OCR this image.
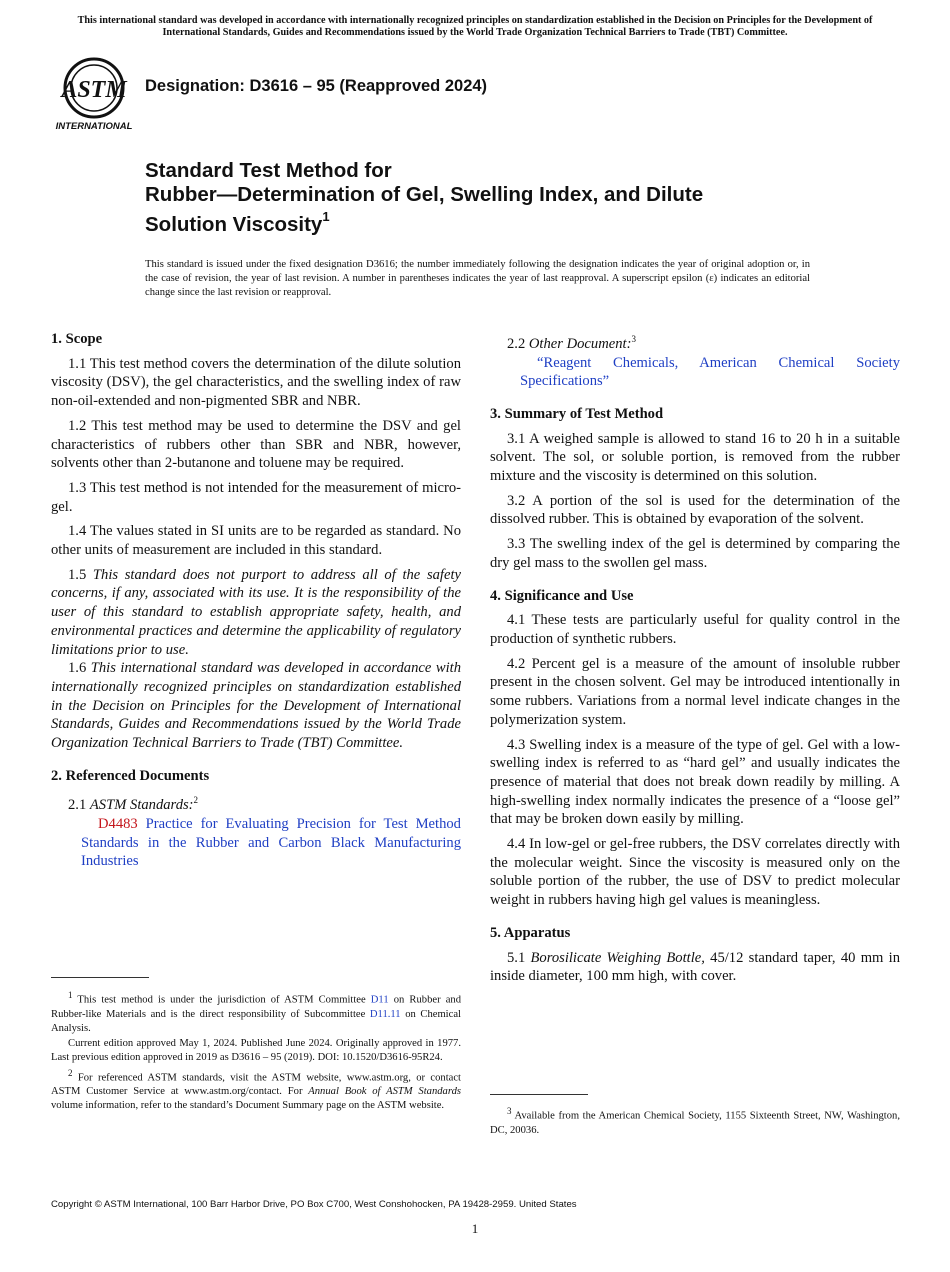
This international standard was developed in accordance with internationally recognized principles on standardization established in the Decision on Principles for the Development of International Standards, Guides and Recommendations issued by the World Trade Organization Technical Barriers to Trade (TBT) Committee.
ASTM
INTERNATIONAL
Designation: D3616 – 95 (Reapproved 2024)
Standard Test Method for
Rubber—Determination of Gel, Swelling Index, and Dilute
Solution Viscosity$^1$
This standard is issued under the fixed designation D3616; the number immediately following the designation indicates the year of original adoption or, in the case of revision, the year of last revision. A number in parentheses indicates the year of last reapproval. A superscript epsilon (ε) indicates an editorial change since the last revision or reapproval.
1. Scope

1.1 This test method covers the determination of the dilute solution viscosity (DSV), the gel characteristics, and the swelling index of raw non-oil-extended and non-pigmented SBR and NBR.

1.2 This test method may be used to determine the DSV and gel characteristics of rubbers other than SBR and NBR, however, solvents other than 2-butanone and toluene may be required.

1.3 This test method is not intended for the measurement of micro-gel.

1.4 The values stated in SI units are to be regarded as standard. No other units of measurement are included in this standard.

1.5 This standard does not purport to address all of the safety concerns, if any, associated with its use. It is the responsibility of the user of this standard to establish appropriate safety, health, and environmental practices and determine the applicability of regulatory limitations prior to use.

1.6 This international standard was developed in accordance with internationally recognized principles on standardization established in the Decision on Principles for the Development of International Standards, Guides and Recommendations issued by the World Trade Organization Technical Barriers to Trade (TBT) Committee.

2. Referenced Documents

2.1 ASTM Standards:$^2$

D4483 Practice for Evaluating Precision for Test Method Standards in the Rubber and Carbon Black Manufacturing Industries

2.2 Other Document:$^3$

“Reagent Chemicals, American Chemical Society Specifications”

3. Summary of Test Method

3.1 A weighed sample is allowed to stand 16 to 20 h in a suitable solvent. The sol, or soluble portion, is removed from the rubber mixture and the viscosity is determined on this solution.

3.2 A portion of the sol is used for the determination of the dissolved rubber. This is obtained by evaporation of the solvent.

3.3 The swelling index of the gel is determined by comparing the dry gel mass to the swollen gel mass.

4. Significance and Use

4.1 These tests are particularly useful for quality control in the production of synthetic rubbers.

4.2 Percent gel is a measure of the amount of insoluble rubber present in the chosen solvent. Gel may be introduced intentionally in some rubbers. Variations from a normal level indicate changes in the polymerization system.

4.3 Swelling index is a measure of the type of gel. Gel with a low-swelling index is referred to as “hard gel” and usually indicates the presence of material that does not break down readily by milling. A high-swelling index normally indicates the presence of a “loose gel” that may be broken down easily by milling.

4.4 In low-gel or gel-free rubbers, the DSV correlates directly with the molecular weight. Since the viscosity is measured only on the soluble portion of the rubber, the use of DSV to predict molecular weight in rubbers having high gel values is meaningless.

5. Apparatus

5.1 Borosilicate Weighing Bottle, 45/12 standard taper, 40 mm in inside diameter, 100 mm high, with cover.

$^1$ This test method is under the jurisdiction of ASTM Committee D11 on Rubber and Rubber-like Materials and is the direct responsibility of Subcommittee D11.11 on Chemical Analysis.

Current edition approved May 1, 2024. Published June 2024. Originally approved in 1977. Last previous edition approved in 2019 as D3616 – 95 (2019). DOI: 10.1520/D3616-95R24.

$^2$ For referenced ASTM standards, visit the ASTM website, www.astm.org, or contact ASTM Customer Service at www.astm.org/contact. For Annual Book of ASTM Standards volume information, refer to the standard’s Document Summary page on the ASTM website.	$^3$ Available from the American Chemical Society, 1155 Sixteenth Street, NW, Washington, DC, 20036.

Copyright © ASTM International, 100 Barr Harbor Drive, PO Box C700, West Conshohocken, PA 19428-2959. United States
1
